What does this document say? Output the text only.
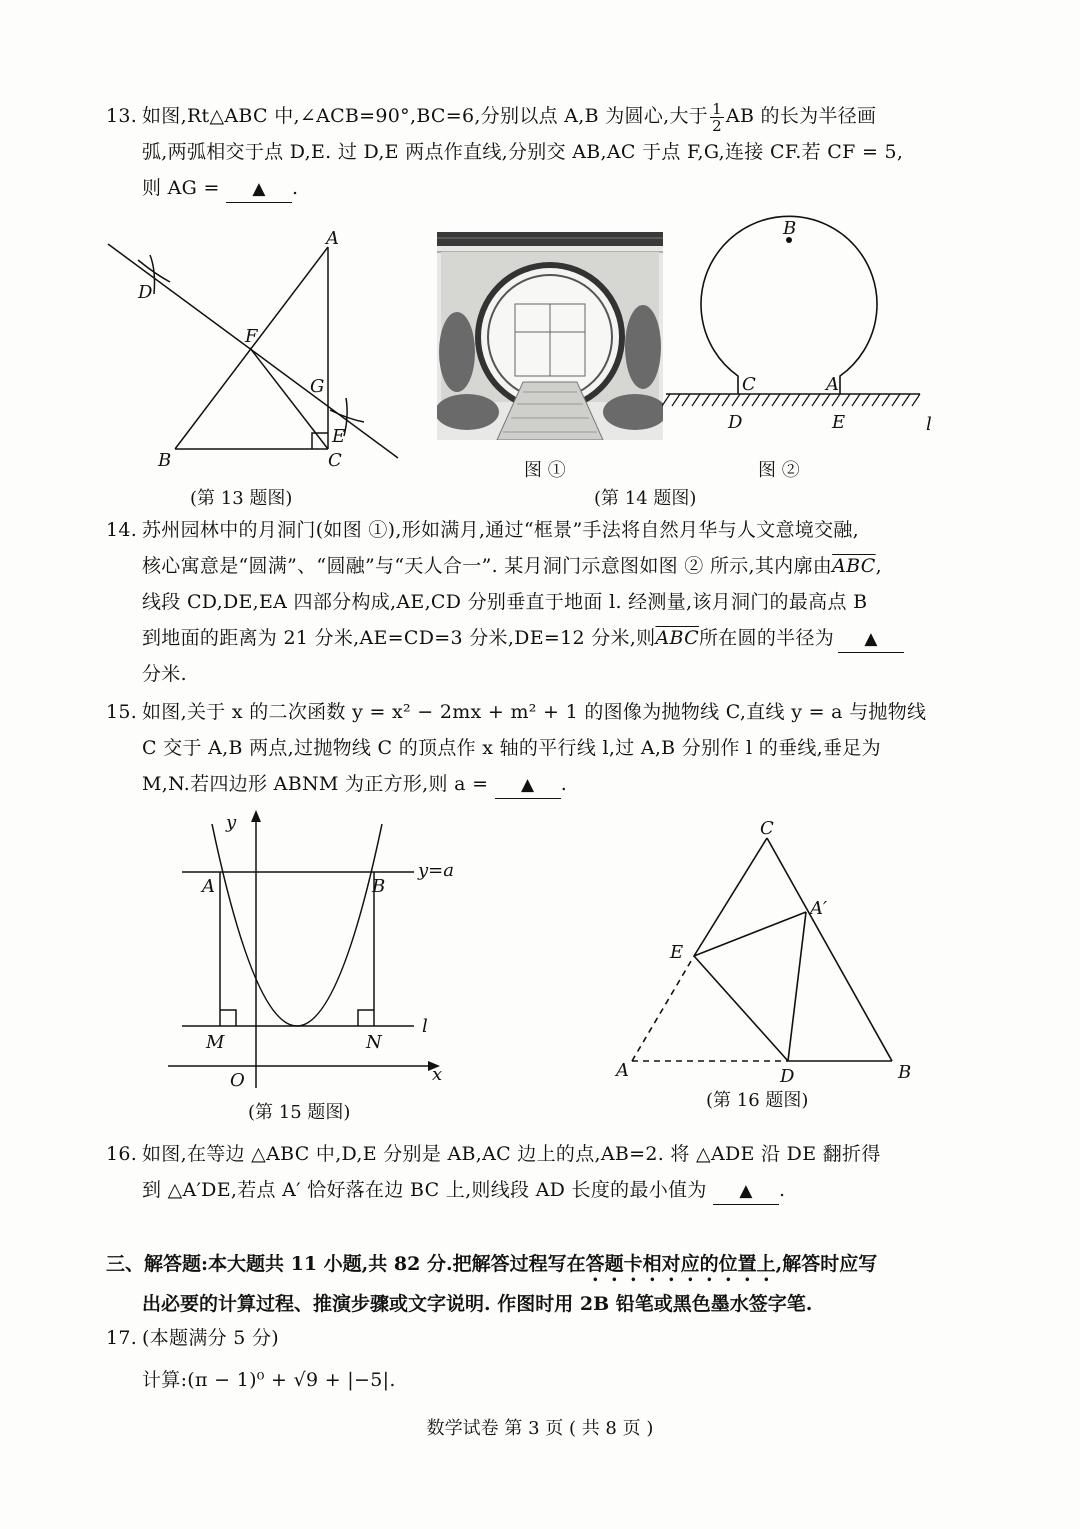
13. 如图,Rt△ABC 中,∠ACB=90°,BC=6,分别以点 A,B 为圆心,大于 $\frac{1}{2}$ AB 的长为半径画
弧,两弧相交于点 D,E. 过 D,E 两点作直线,分别交 AB,AC 于点 F,G,连接 CF.若 CF = 5,
则 AG = ▲ .
A
B	C
D
E
F
G
(第 13 题图)
图 ①
B
C	A
D	E	l
图 ②
(第 14 题图)
14. 苏州园林中的月洞门(如图 ①),形如满月,通过“框景”手法将自然月华与人文意境交融,
核心寓意是“圆满”、“圆融”与“天人合一”. 某月洞门示意图如图 ② 所示,其内廓由$\overline{ABC}$,
线段 CD,DE,EA 四部分构成,AE,CD 分别垂直于地面 l. 经测量,该月洞门的最高点 B
到地面的距离为 21 分米,AE=CD=3 分米,DE=12 分米,则$\overline{ABC}$所在圆的半径为 ▲
分米.
15. 如图,关于 x 的二次函数 y = x² − 2mx + m² + 1 的图像为抛物线 C,直线 y = a 与抛物线
C 交于 A,B 两点,过抛物线 C 的顶点作 x 轴的平行线 l,过 A,B 分别作 l 的垂线,垂足为
M,N.若四边形 ABNM 为正方形,则 a = ▲ .
y
x
O
A	B
M	N
l
y=a
(第 15 题图)
C
A′
E
A	D	B
(第 16 题图)
16. 如图,在等边 △ABC 中,D,E 分别是 AB,AC 边上的点,AB=2. 将 △ADE 沿 DE 翻折得
到 △A′DE,若点 A′ 恰好落在边 BC 上,则线段 AD 长度的最小值为 ▲ .
三、解答题:本大题共 11 小题,共 82 分.把解答过程写在答题卡相对应的位置上,解答时应写
出必要的计算过程、推演步骤或文字说明. 作图时用 2B 铅笔或黑色墨水签字笔.
17. (本题满分 5 分)
计算:(π − 1)⁰ + √9 + |−5|.
数学试卷 第 3 页 ( 共 8 页 )
